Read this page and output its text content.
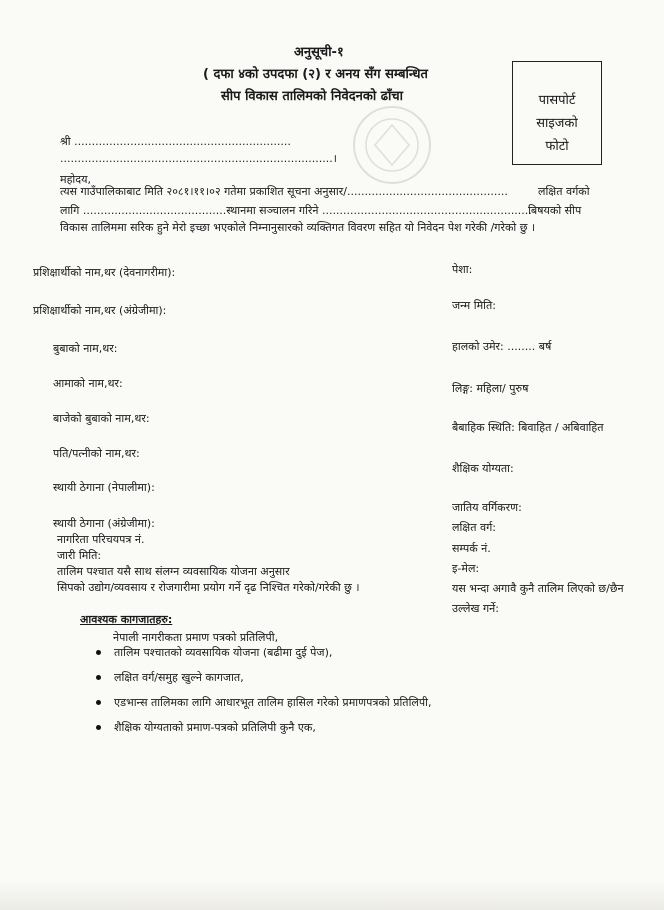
अनुसूची-१
( दफा ४को उपदफा (२) र अनय सँग सम्बन्धित
सीप विकास तालिमको निवेदनको ढाँचा	पासपोर्ट
साइजको
फोटो
श्री ..............................................................
..............................................................................।
महोदय,
त्यस गाउँपालिकाबाट मिति २०८१।११।०२ गतेमा प्रकाशित सूचना अनुसार/..............................................	लक्षित वर्गको
लागि .........................................स्थानमा सञ्चालन गरिने ............................................................
बिषयको सीप
विकास तालिममा सरिक हुने मेरो इच्छा भएकोले निम्नानुसारको व्यक्तिगत विवरण सहित यो निवेदन पेश गरेकी /गरेको छु ।
प्रशिक्षार्थीको नाम,थर (देवनागरीमा):
प्रशिक्षार्थीको नाम,थर (अंग्रेजीमा):
बुबाको नाम,थर:
आमाको नाम,थर:
बाजेको बुबाको नाम,थर:
पति/पत्नीको नाम,थर:
स्थायी ठेगाना (नेपालीमा):
स्थायी ठेगाना (अंग्रेजीमा):
नागरिता परिचयपत्र नं.
जारी मिति:
तालिम पश्चात यसै साथ संलग्न व्यवसायिक योजना अनुसार
सिपको उद्योग/व्यवसाय र रोजगारीमा प्रयोग गर्ने दृढ निश्चित गरेको/गरेकी छु ।
पेशा:
जन्म मिति:
हालको उमेर: ........ बर्ष
लिङ्ग: महिला/ पुरुष
बैबाहिक स्थिति: बिवाहित / अबिवाहित
शैक्षिक योग्यता:
जातिय वर्गिकरण:
लक्षित वर्ग:
सम्पर्क नं.
इ-मेल:
यस भन्दा अगावै कुनै तालिम लिएको छ/छैन
उल्लेख गर्ने:
आवश्यक कागजातहरु:
नेपाली नागरीकता प्रमाण पत्रको प्रतिलिपी,
तालिम पश्चातको व्यवसायिक योजना (बढीमा दुई पेज),
लक्षित वर्ग/समुह खुल्ने कागजात,
एडभान्स तालिमका लागि आधारभूत तालिम हासिल गरेको प्रमाणपत्रको प्रतिलिपी,
शैक्षिक योग्यताको प्रमाण-पत्रको प्रतिलिपी कुनै एक,
